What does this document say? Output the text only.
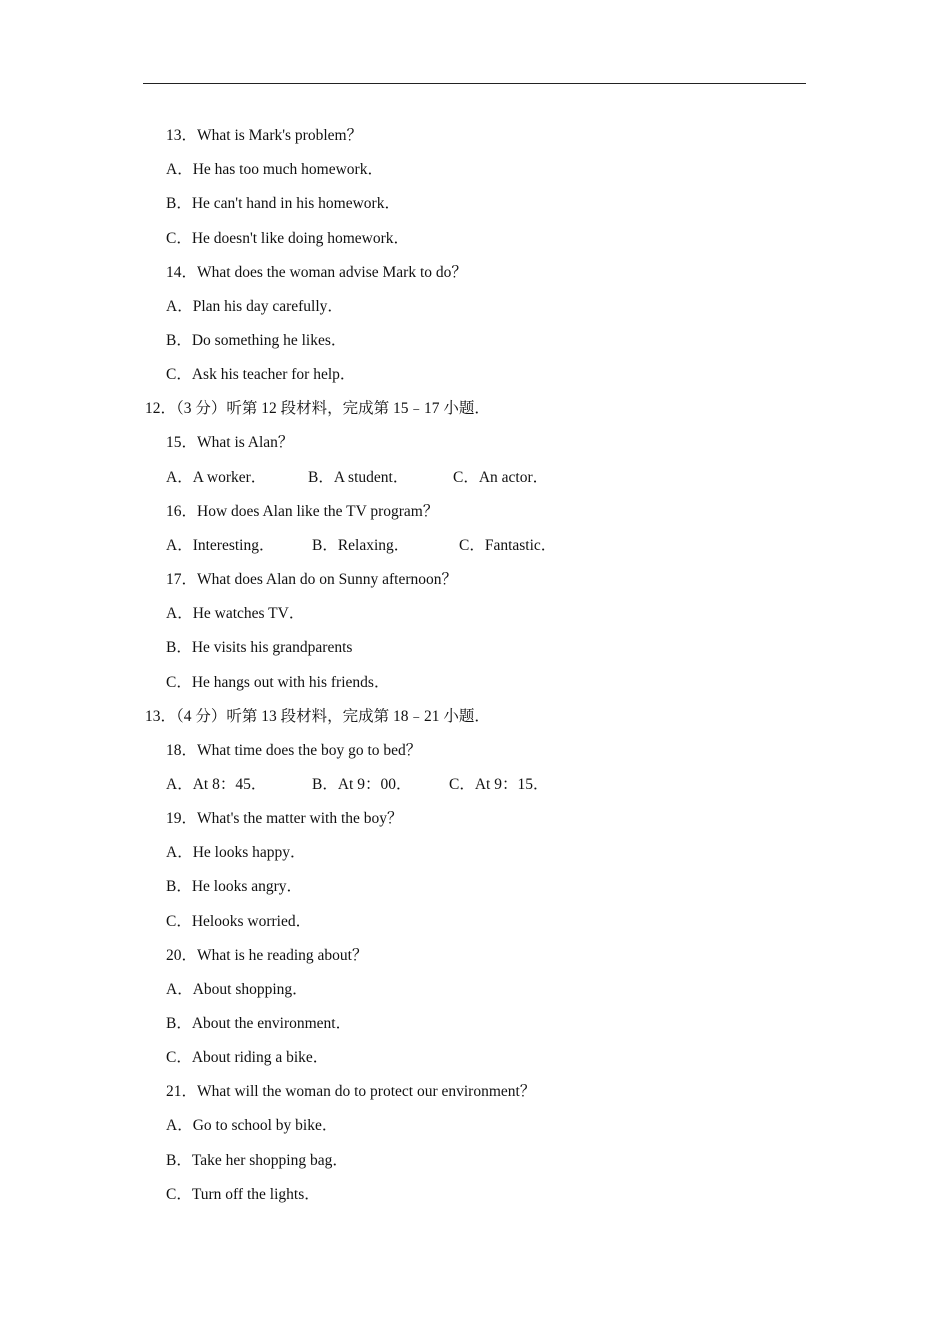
13．What is Mark's problem？
A．He has too much homework．
B．He can't hand in his homework．
C．He doesn't like doing homework．
14．What does the woman advise Mark to do？
A．Plan his day carefully．
B．Do something he likes．
C．Ask his teacher for help．
12．（3 分）听第 12 段材料，完成第 15﹣17 小题．
15．What is Alan？
A．A worker．	B．A student．	C．An actor．
16．How does Alan like the TV program？
A．Interesting． B．Relaxing．	C．Fantastic．
17．What does Alan do on Sunny afternoon？
A．He watches TV．
B．He visits his grandparents
C．He hangs out with his friends．
13．（4 分）听第 13 段材料，完成第 18﹣21 小题．
18．What time does the boy go to bed？
A．At 8：45．	B．At 9：00． C．At 9：15．
19．What's the matter with the boy？
A．He looks happy．
B．He looks angry．
C．Helooks worried．
20．What is he reading about？
A．About shopping．
B．About the environment．
C．About riding a bike．
21．What will the woman do to protect our environment？
A．Go to school by bike．
B．Take her shopping bag．
C．Turn off the lights．
